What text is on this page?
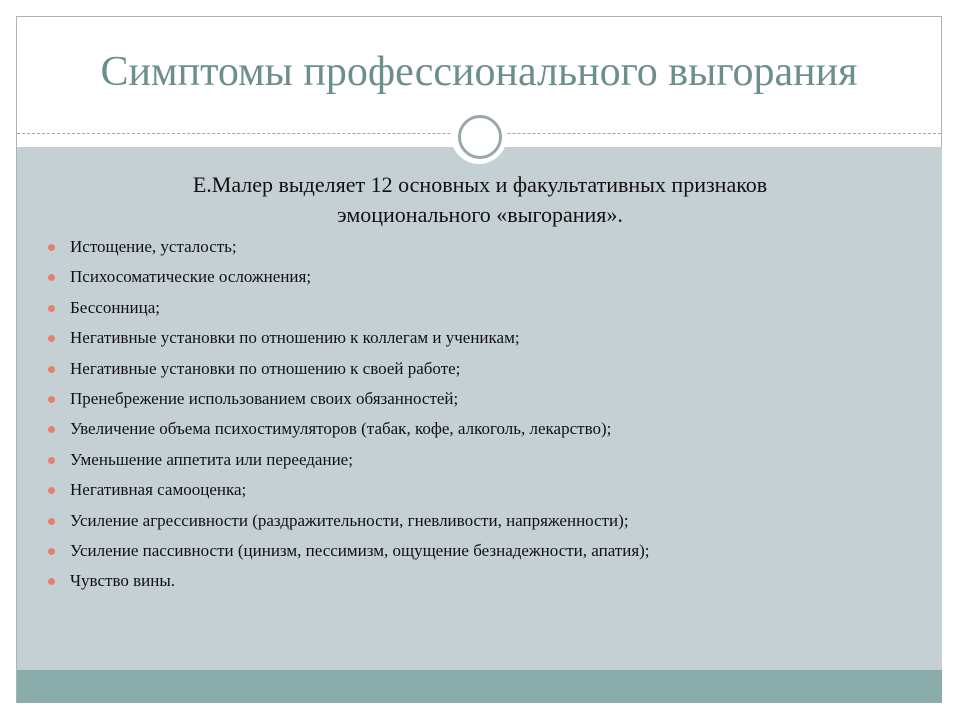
Симптомы профессионального выгорания
Е.Малер выделяет 12 основных и факультативных признаков
эмоционального «выгорания».
Истощение, усталость;
Психосоматические осложнения;
Бессонница;
Негативные установки по отношению к коллегам и ученикам;
Негативные установки по отношению к своей работе;
Пренебрежение использованием своих обязанностей;
Увеличение объема психостимуляторов (табак, кофе, алкоголь, лекарство);
Уменьшение аппетита или переедание;
Негативная самооценка;
Усиление агрессивности (раздражительности, гневливости, напряженности);
Усиление пассивности (цинизм, пессимизм, ощущение безнадежности, апатия);
Чувство вины.
